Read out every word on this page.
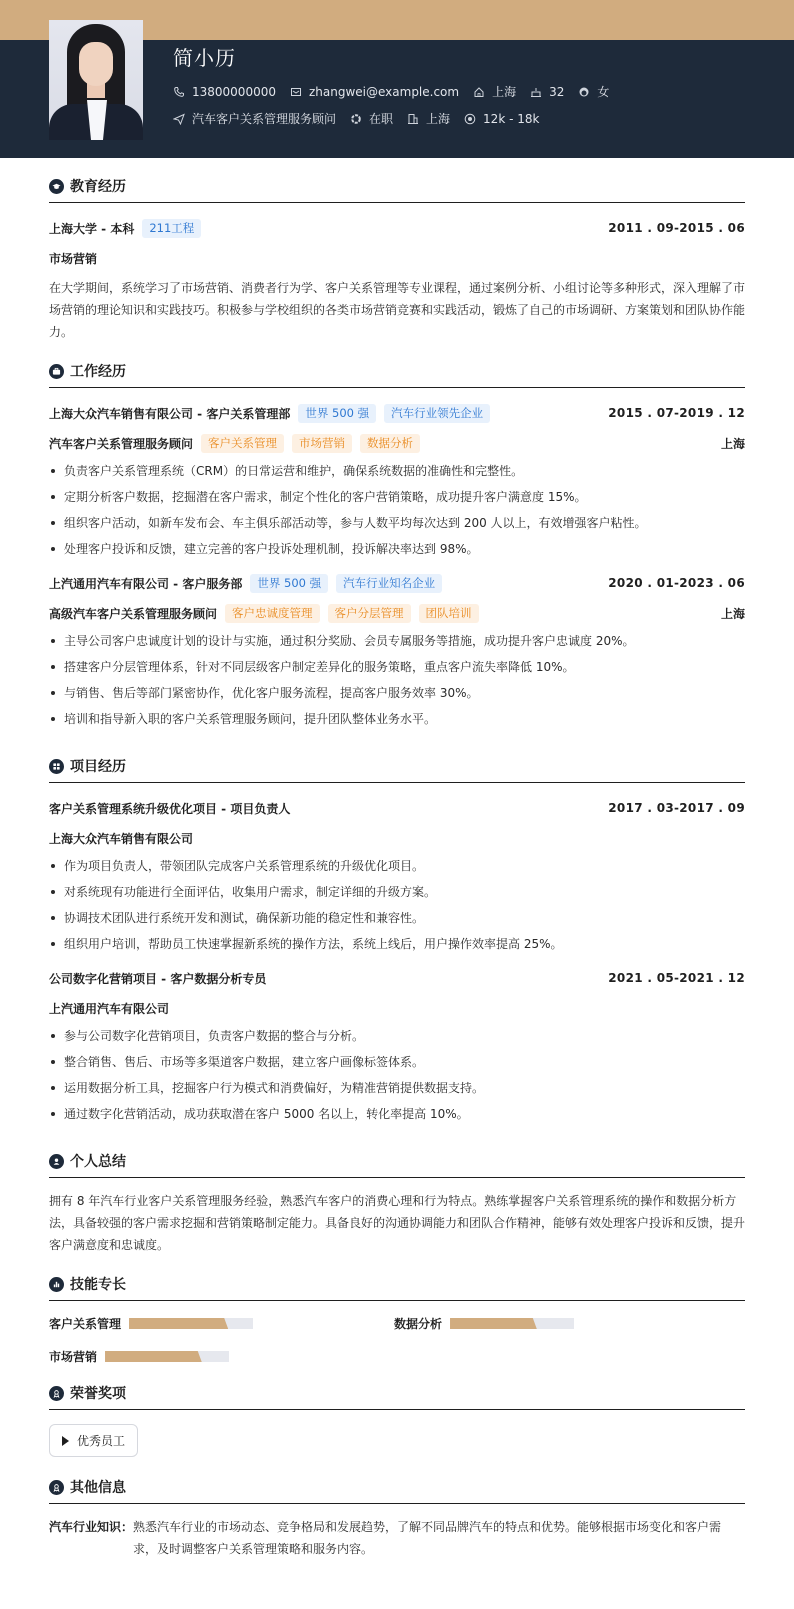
简小历
13800000000	zhangwei@example.com	上海	32	女
汽车客户关系管理服务顾问	在职	上海	12k - 18k
教育经历
上海大学 - 本科	211工程	2011 . 09-2015 . 06
市场营销
在大学期间，系统学习了市场营销、消费者行为学、客户关系管理等专业课程，通过案例分析、小组讨论等多种形式，深入理解了市场营销的理论知识和实践技巧。积极参与学校组织的各类市场营销竞赛和实践活动，锻炼了自己的市场调研、方案策划和团队协作能力。
工作经历
上海大众汽车销售有限公司 - 客户关系管理部	世界 500 强	汽车行业领先企业	2015 . 07-2019 . 12
汽车客户关系管理服务顾问	客户关系管理	市场营销	数据分析	上海
负责客户关系管理系统（CRM）的日常运营和维护，确保系统数据的准确性和完整性。
定期分析客户数据，挖掘潜在客户需求，制定个性化的客户营销策略，成功提升客户满意度 15%。
组织客户活动，如新车发布会、车主俱乐部活动等，参与人数平均每次达到 200 人以上，有效增强客户粘性。
处理客户投诉和反馈，建立完善的客户投诉处理机制，投诉解决率达到 98%。
上汽通用汽车有限公司 - 客户服务部	世界 500 强	汽车行业知名企业	2020 . 01-2023 . 06
高级汽车客户关系管理服务顾问	客户忠诚度管理	客户分层管理	团队培训	上海
主导公司客户忠诚度计划的设计与实施，通过积分奖励、会员专属服务等措施，成功提升客户忠诚度 20%。
搭建客户分层管理体系，针对不同层级客户制定差异化的服务策略，重点客户流失率降低 10%。
与销售、售后等部门紧密协作，优化客户服务流程，提高客户服务效率 30%。
培训和指导新入职的客户关系管理服务顾问，提升团队整体业务水平。
项目经历
客户关系管理系统升级优化项目 - 项目负责人	2017 . 03-2017 . 09
上海大众汽车销售有限公司
作为项目负责人，带领团队完成客户关系管理系统的升级优化项目。
对系统现有功能进行全面评估，收集用户需求，制定详细的升级方案。
协调技术团队进行系统开发和测试，确保新功能的稳定性和兼容性。
组织用户培训，帮助员工快速掌握新系统的操作方法，系统上线后，用户操作效率提高 25%。
公司数字化营销项目 - 客户数据分析专员	2021 . 05-2021 . 12
上汽通用汽车有限公司
参与公司数字化营销项目，负责客户数据的整合与分析。
整合销售、售后、市场等多渠道客户数据，建立客户画像标签体系。
运用数据分析工具，挖掘客户行为模式和消费偏好，为精准营销提供数据支持。
通过数字化营销活动，成功获取潜在客户 5000 名以上，转化率提高 10%。
个人总结
拥有 8 年汽车行业客户关系管理服务经验，熟悉汽车客户的消费心理和行为特点。熟练掌握客户关系管理系统的操作和数据分析方法，具备较强的客户需求挖掘和营销策略制定能力。具备良好的沟通协调能力和团队合作精神，能够有效处理客户投诉和反馈，提升客户满意度和忠诚度。
技能专长
客户关系管理	数据分析
市场营销
荣誉奖项
优秀员工
其他信息
汽车行业知识： 熟悉汽车行业的市场动态、竞争格局和发展趋势，了解不同品牌汽车的特点和优势。能够根据市场变化和客户需求，及时调整客户关系管理策略和服务内容。
